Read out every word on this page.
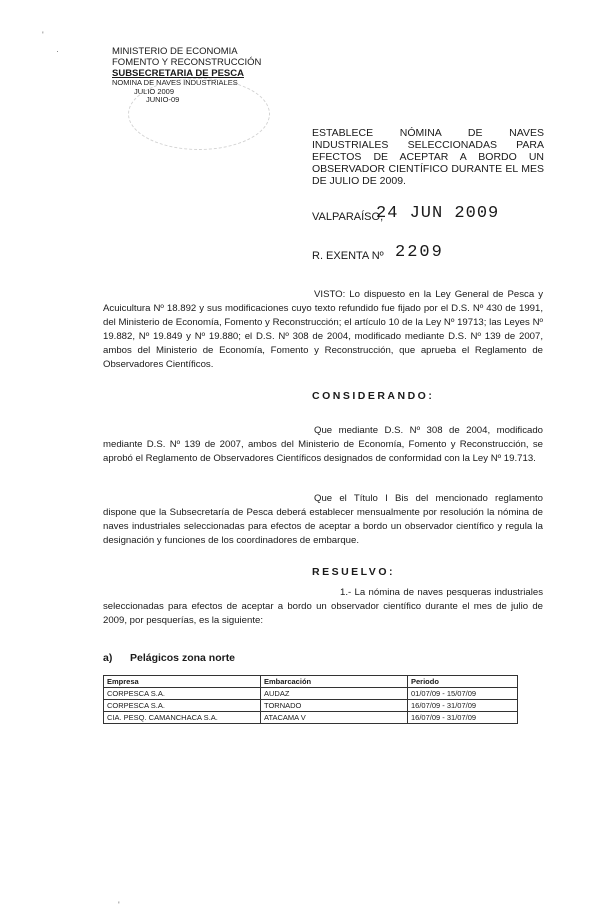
'
·	MINISTERIO DE ECONOMIA
FOMENTO Y RECONSTRUCCIÓN
SUBSECRETARIA DE PESCA
NOMINA DE NAVES INDUSTRIALES
JULIO 2009
JUNIO-09
ESTABLECE NÓMINA DE NAVES INDUSTRIALES SELECCIONADAS PARA EFECTOS DE ACEPTAR A BORDO UN OBSERVADOR CIENTÍFICO DURANTE EL MES DE JULIO DE 2009.
VALPARAÍSO,
24 JUN 2009
R. EXENTA Nº 2209
VISTO: Lo dispuesto en la Ley General de Pesca y Acuicultura Nº 18.892 y sus modificaciones cuyo texto refundido fue fijado por el D.S. Nº 430 de 1991, del Ministerio de Economía, Fomento y Reconstrucción; el artículo 10 de la Ley Nº 19713; las Leyes Nº 19.882, Nº 19.849 y Nº 19.880; el D.S. Nº 308 de 2004, modificado mediante D.S. Nº 139 de 2007, ambos del Ministerio de Economía, Fomento y Reconstrucción, que aprueba el Reglamento de Observadores Científicos.
CONSIDERANDO:
Que mediante D.S. Nº 308 de 2004, modificado mediante D.S. Nº 139 de 2007, ambos del Ministerio de Economía, Fomento y Reconstrucción, se aprobó el Reglamento de Observadores Científicos designados de conformidad con la Ley Nº 19.713.
Que el Título I Bis del mencionado reglamento dispone que la Subsecretaría de Pesca deberá establecer mensualmente por resolución la nómina de naves industriales seleccionadas para efectos de aceptar a bordo un observador científico y regula la designación y funciones de los coordinadores de embarque.
RESUELVO:
1.- La nómina de naves pesqueras industriales seleccionadas para efectos de aceptar a bordo un observador científico durante el mes de julio de 2009, por pesquerías, es la siguiente:
a) Pelágicos zona norte
Empresa	Embarcación	Periodo
CORPESCA S.A.	AUDAZ	01/07/09 - 15/07/09
CORPESCA S.A.	TORNADO	16/07/09 - 31/07/09
CIA. PESQ. CAMANCHACA S.A.	ATACAMA V	16/07/09 - 31/07/09
'
